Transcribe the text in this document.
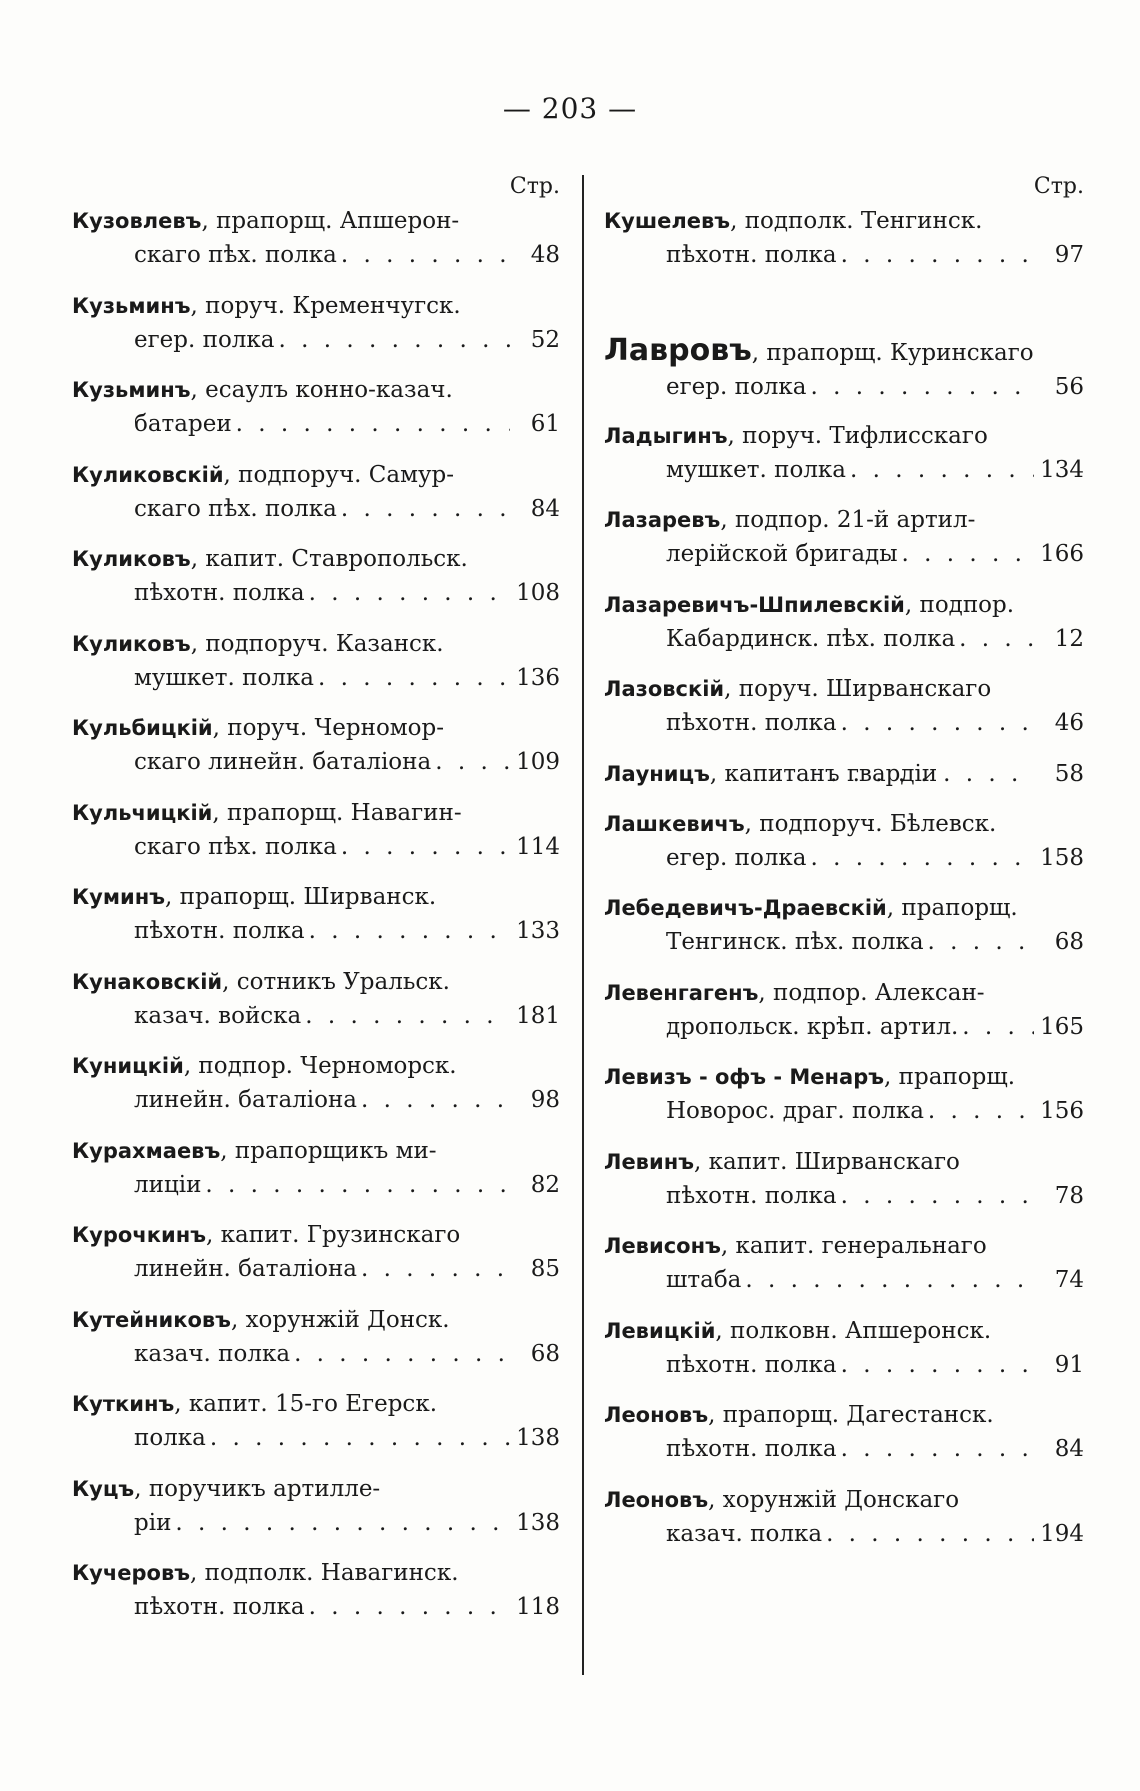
— 203 —
Стр.
Кузовлевъ, прапорщ. Апшерон-
скаго пѣх. полка . . .	48
Кузьминъ, поруч. Кременчугск.
егер. полка . . .	52
Кузьминъ, есаулъ конно-казач.
батареи . . .	61
Куликовскій, подпоруч. Самур-
скаго пѣх. полка . . .	84
Куликовъ, капит. Ставропольск.
пѣхотн. полка . . .	108
Куликовъ, подпоруч. Казанск.
мушкет. полка . . .	136
Кульбицкій, поруч. Черномор-
скаго линейн. баталіона . . .	109
Кульчицкій, прапорщ. Навагин-
скаго пѣх. полка . . .	114
Куминъ, прапорщ. Ширванск.
пѣхотн. полка . . .	133
Кунаковскій, сотникъ Уральск.
казач. войска . . .	181
Куницкій, подпор. Черноморск.
линейн. баталіона . . .	98
Курахмаевъ, прапорщикъ ми-
лиціи . . .	82
Курочкинъ, капит. Грузинскаго
линейн. баталіона . . .	85
Кутейниковъ, хорунжій Донск.
казач. полка . . .	68
Куткинъ, капит. 15-го Егерск.
полка . . .	138
Куцъ, поручикъ артилле-
ріи . . .	138
Кучеровъ, подполк. Навагинск.
пѣхотн. полка . . .	118
Стр.
Кушелевъ, подполк. Тенгинск.
пѣхотн. полка . . .	97
Лавровъ, прапорщ. Куринскаго
егер. полка . . .	56
Ладыгинъ, поруч. Тифлисскаго
мушкет. полка . . .	134
Лазаревъ, подпор. 21-й артил-
лерійской бригады . . .	166
Лазаревичъ-Шпилевскій, подпор.
Кабардинск. пѣх. полка . . .	12
Лазовскій, поруч. Ширванскаго
пѣхотн. полка . . .	46
Лауницъ, капитанъ гвардіи . . .	58
Лашкевичъ, подпоруч. Бѣлевск.
егер. полка . . .	158
Лебедевичъ-Драевскій, прапорщ.
Тенгинск. пѣх. полка . . .	68
Левенгагенъ, подпор. Алексан-
дропольск. крѣп. артил. . . .	165
Левизъ - офъ - Менаръ, прапорщ.
Новорос. драг. полка . . .	156
Левинъ, капит. Ширванскаго
пѣхотн. полка . . .	78
Левисонъ, капит. генеральнаго
штаба . . .	74
Левицкій, полковн. Апшеронск.
пѣхотн. полка . . .	91
Леоновъ, прапорщ. Дагестанск.
пѣхотн. полка . . .	84
Леоновъ, хорунжій Донскаго
казач. полка . . .	194
